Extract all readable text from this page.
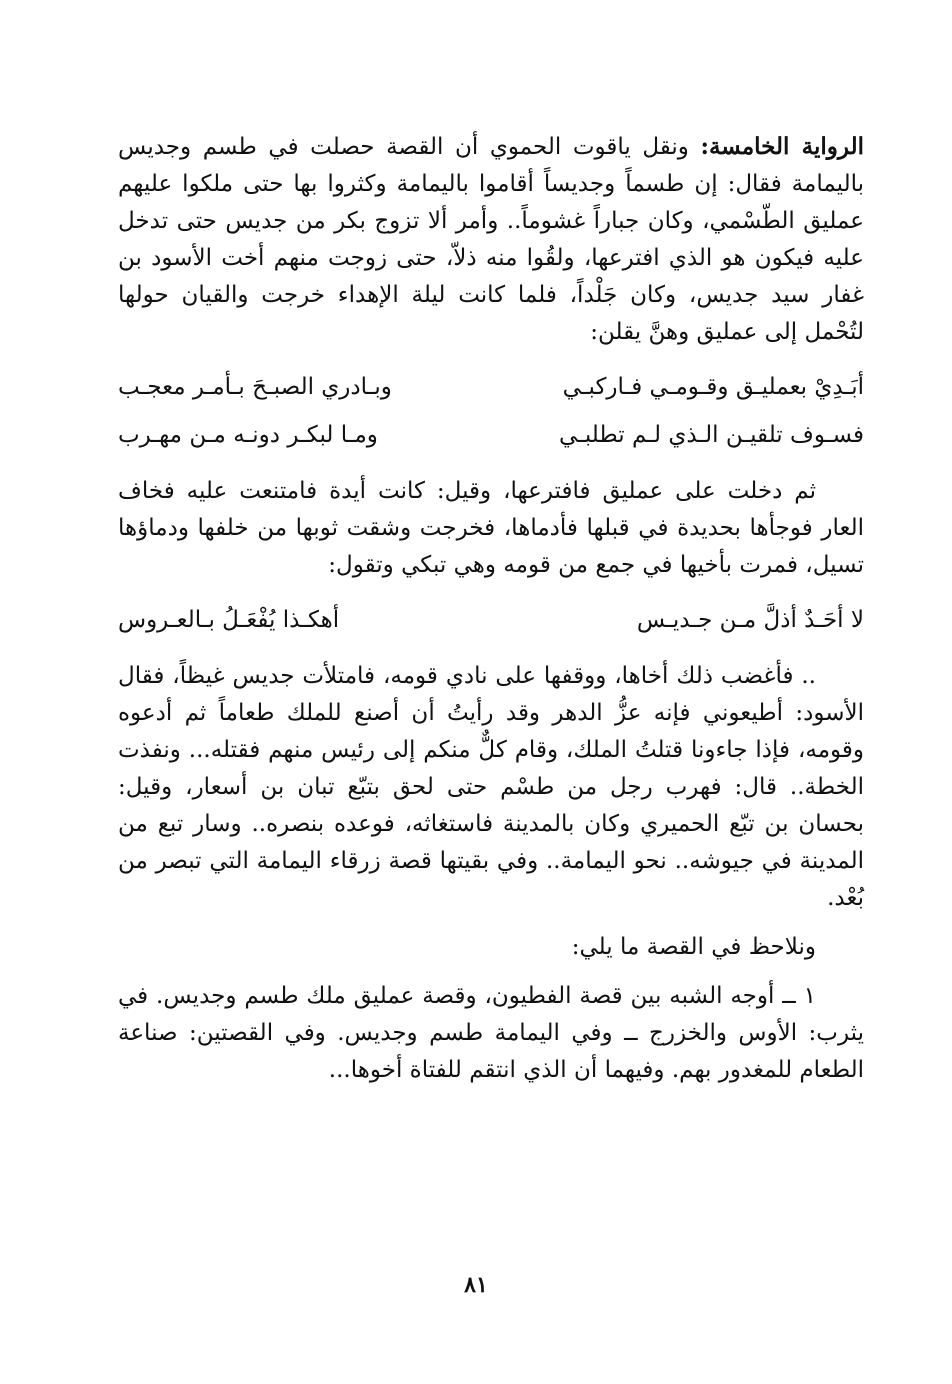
الرواية الخامسة: ونقل ياقوت الحموي أن القصة حصلت في طسم وجديس باليمامة فقال: إن طسماً وجديساً أقاموا باليمامة وكثروا بها حتى ملكوا عليهم عمليق الطّسْمي، وكان جباراً غشوماً.. وأمر ألا تزوج بكر من جديس حتى تدخل عليه فيكون هو الذي افترعها، ولقُوا منه ذلاّ، حتى زوجت منهم أخت الأسود بن غفار سيد جديس، وكان جَلْداً، فلما كانت ليلة الإهداء خرجت والقيان حولها لتُحْمل إلى عمليق وهنَّ يقلن:

أبَـدِيْ بعمليـق وقـومـي فـاركبـي
وبـادري الصبـحَ بـأمـر معجـب
فسـوف تلقيـن الـذي لـم تطلبـي
ومـا لبكـر دونـه مـن مهـرب

ثم دخلت على عمليق فافترعها، وقيل: كانت أيدة فامتنعت عليه فخاف العار فوجأها بحديدة في قبلها فأدماها، فخرجت وشقت ثوبها من خلفها ودماؤها تسيل، فمرت بأخيها في جمع من قومه وهي تبكي وتقول:

لا أحَـدٌ أذلَّ مـن جـديـس
أهكـذا يُفْعَـلُ بـالعـروس

.. فأغضب ذلك أخاها، ووقفها على نادي قومه، فامتلأت جديس غيظاً، فقال الأسود: أطيعوني فإنه عزُّ الدهر وقد رأيتُ أن أصنع للملك طعاماً ثم أدعوه وقومه، فإذا جاءونا قتلتُ الملك، وقام كلٌّ منكم إلى رئيس منهم فقتله... ونفذت الخطة.. قال: فهرب رجل من طسْم حتى لحق بتبّع تبان بن أسعار، وقيل: بحسان بن تبّع الحميري وكان بالمدينة فاستغاثه، فوعده بنصره.. وسار تبع من المدينة في جيوشه.. نحو اليمامة.. وفي بقيتها قصة زرقاء اليمامة التي تبصر من بُعْد.

ونلاحظ في القصة ما يلي:

١ ــ أوجه الشبه بين قصة الفطيون، وقصة عمليق ملك طسم وجديس. في يثرب: الأوس والخزرج ــ وفي اليمامة طسم وجديس. وفي القصتين: صناعة الطعام للمغدور بهم. وفيهما أن الذي انتقم للفتاة أخوها...

٨١
